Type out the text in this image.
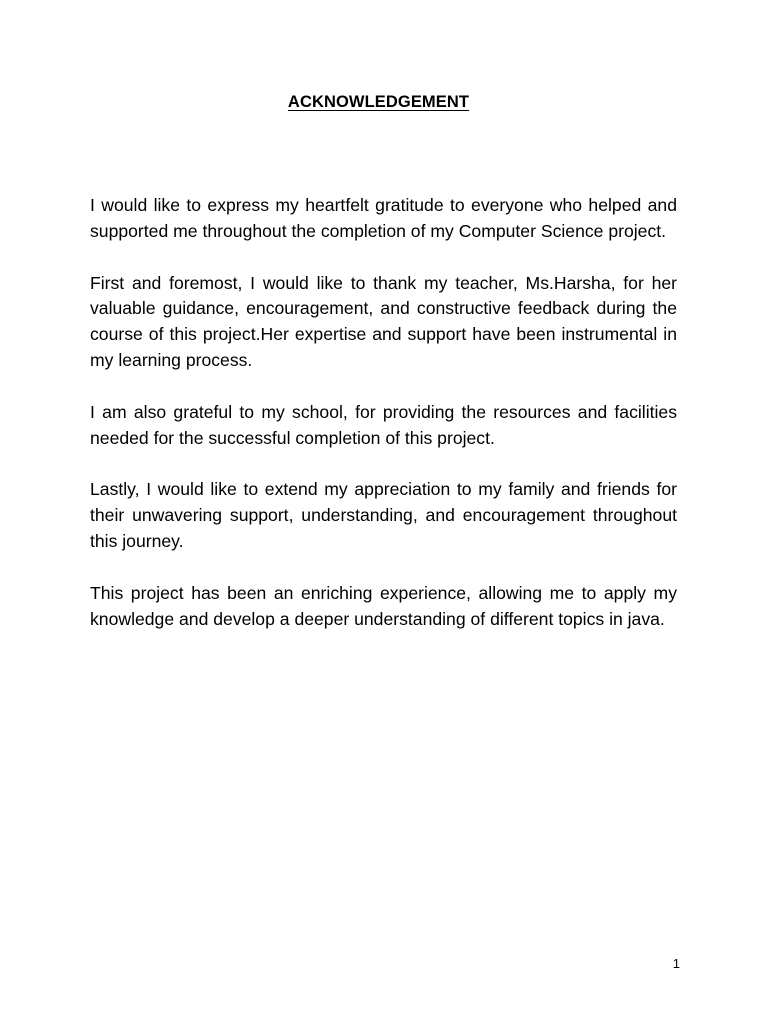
ACKNOWLEDGEMENT

I would like to express my heartfelt gratitude to everyone who helped and supported me throughout the completion of my Computer Science project.

First and foremost, I would like to thank my teacher, Ms.Harsha, for her valuable guidance, encouragement, and constructive feedback during the course of this project.Her expertise and support have been instrumental in my learning process.

I am also grateful to my school, for providing the resources and facilities needed for the successful completion of this project.

Lastly, I would like to extend my appreciation to my family and friends for their unwavering support, understanding, and encouragement throughout this journey.

This project has been an enriching experience, allowing me to apply my knowledge and develop a deeper understanding of different topics in java.

1
